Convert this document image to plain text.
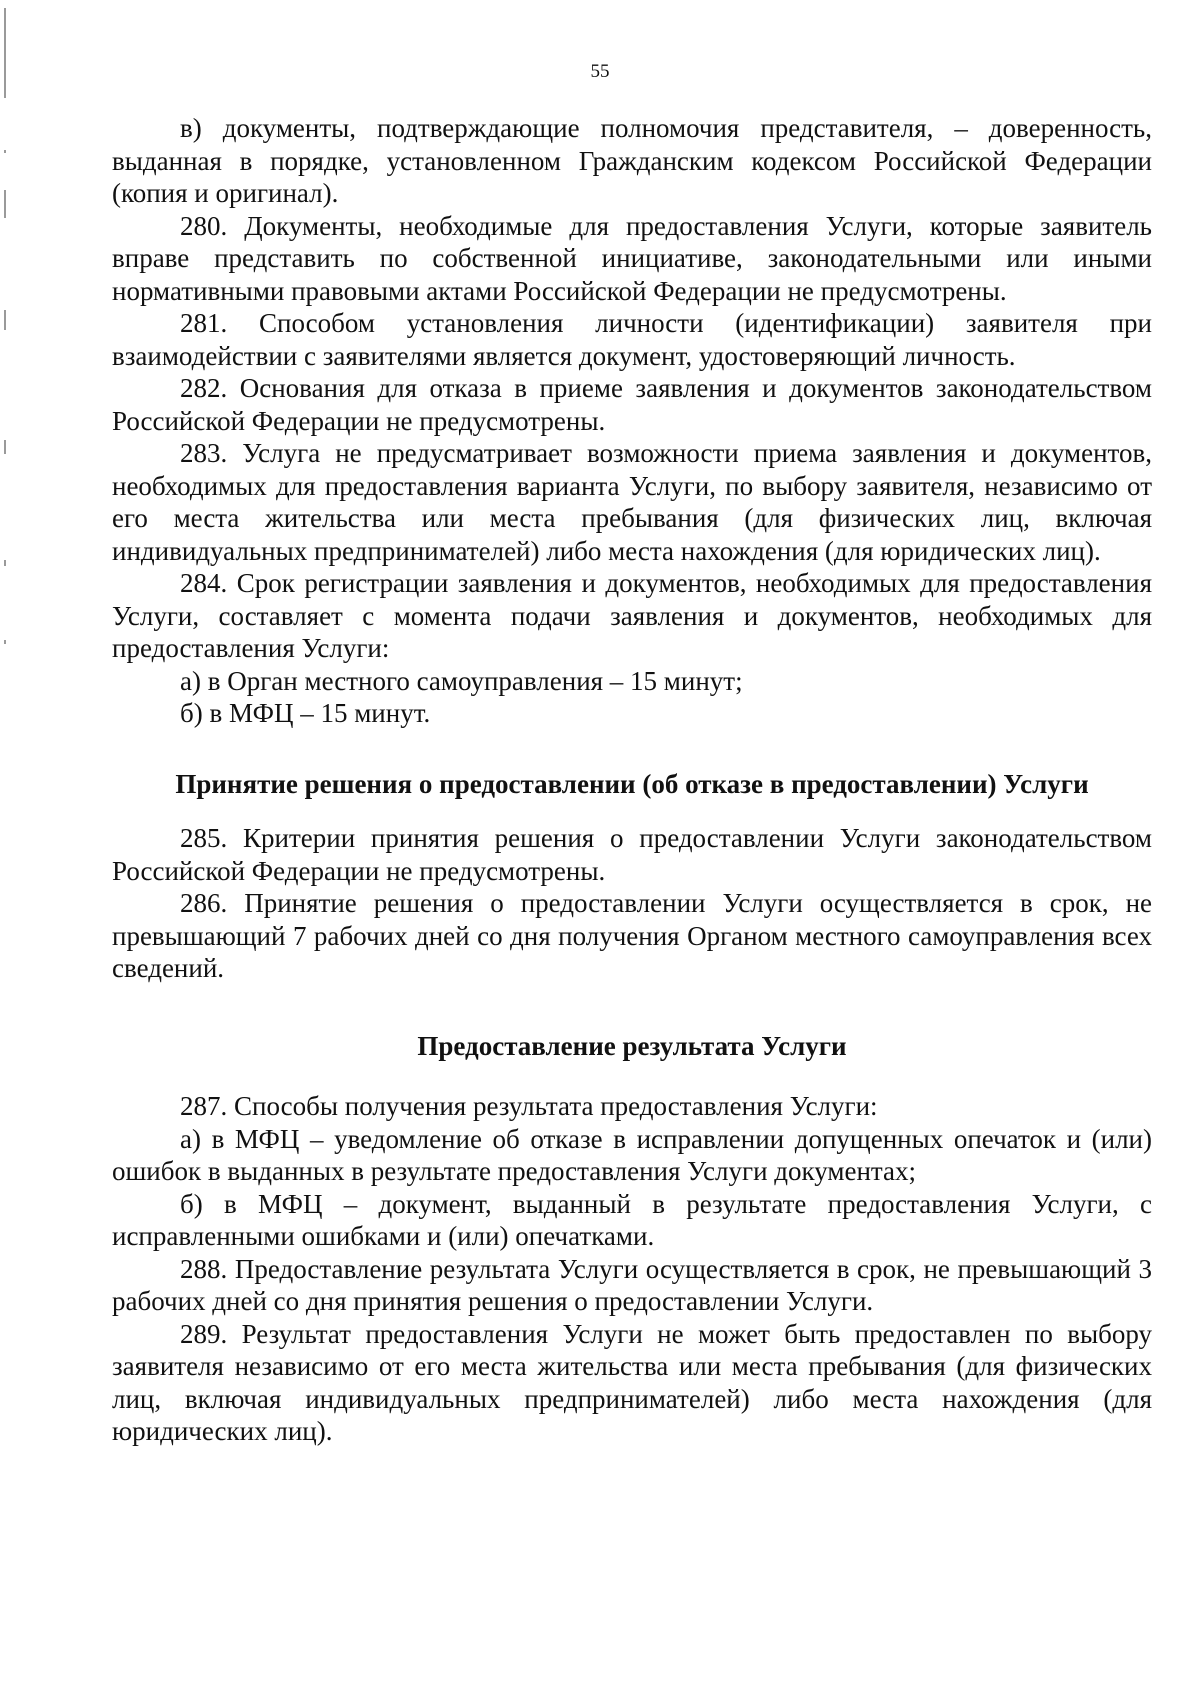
55

в) документы, подтверждающие полномочия представителя, – доверенность, выданная в порядке, установленном Гражданским кодексом Российской Федерации (копия и оригинал).

280. Документы, необходимые для предоставления Услуги, которые заявитель вправе представить по собственной инициативе, законодательными или иными нормативными правовыми актами Российской Федерации не предусмотрены.

281. Способом установления личности (идентификации) заявителя при взаимодействии с заявителями является документ, удостоверяющий личность.

282. Основания для отказа в приеме заявления и документов законодательством Российской Федерации не предусмотрены.

283. Услуга не предусматривает возможности приема заявления и документов, необходимых для предоставления варианта Услуги, по выбору заявителя, независимо от его места жительства или места пребывания (для физических лиц, включая индивидуальных предпринимателей) либо места нахождения (для юридических лиц).

284. Срок регистрации заявления и документов, необходимых для предоставления Услуги, составляет с момента подачи заявления и документов, необходимых для предоставления Услуги:

а) в Орган местного самоуправления – 15 минут;

б) в МФЦ – 15 минут.

Принятие решения о предоставлении (об отказе в предоставлении) Услуги

285. Критерии принятия решения о предоставлении Услуги законодательством Российской Федерации не предусмотрены.

286. Принятие решения о предоставлении Услуги осуществляется в срок, не превышающий 7 рабочих дней со дня получения Органом местного самоуправления всех сведений.

Предоставление результата Услуги

287. Способы получения результата предоставления Услуги:

а) в МФЦ – уведомление об отказе в исправлении допущенных опечаток и (или) ошибок в выданных в результате предоставления Услуги документах;

б) в МФЦ – документ, выданный в результате предоставления Услуги, с исправленными ошибками и (или) опечатками.

288. Предоставление результата Услуги осуществляется в срок, не превышающий 3 рабочих дней со дня принятия решения о предоставлении Услуги.

289. Результат предоставления Услуги не может быть предоставлен по выбору заявителя независимо от его места жительства или места пребывания (для физических лиц, включая индивидуальных предпринимателей) либо места нахождения (для юридических лиц).
